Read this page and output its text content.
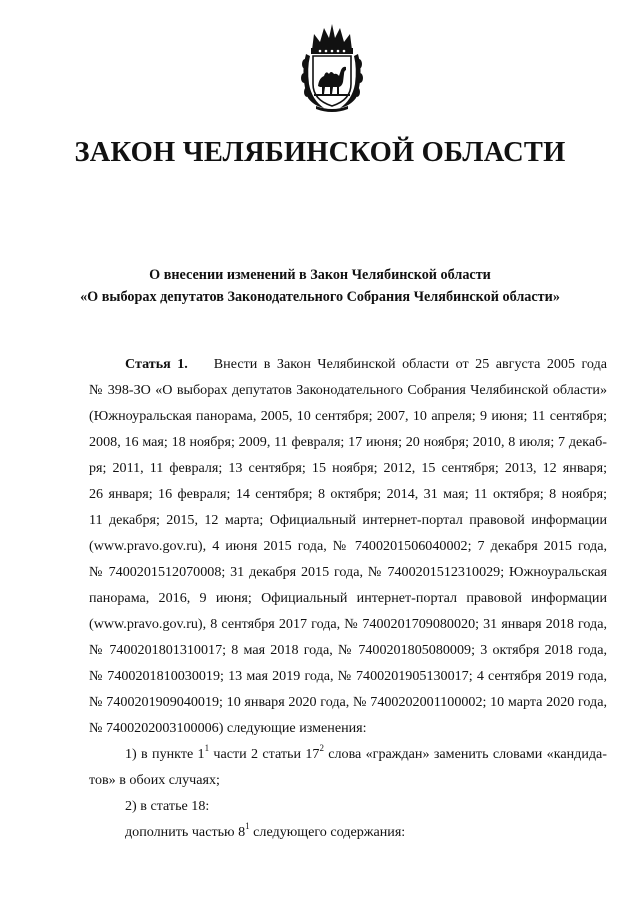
ЗАКОН ЧЕЛЯБИНСКОЙ ОБЛАСТИ
О внесении изменений в Закон Челябинской области
«О выборах депутатов Законодательного Собрания Челябинской области»
Статья 1. Внести в Закон Челябинской области от 25 августа 2005 года
№ 398-ЗО «О выборах депутатов Законодательного Собрания Челябинской области»
(Южноуральская панорама, 2005, 10 сентября; 2007, 10 апреля; 9 июня; 11 сентября;
2008, 16 мая; 18 ноября; 2009, 11 февраля; 17 июня; 20 ноября; 2010, 8 июля; 7 декаб-
ря; 2011, 11 февраля; 13 сентября; 15 ноября; 2012, 15 сентября; 2013, 12 января;
26 января; 16 февраля; 14 сентября; 8 октября; 2014, 31 мая; 11 октября; 8 ноября;
11 декабря; 2015, 12 марта; Официальный интернет-портал правовой информации
(www.pravo.gov.ru), 4 июня 2015 года, № 7400201506040002; 7 декабря 2015 года,
№ 7400201512070008; 31 декабря 2015 года, № 7400201512310029; Южноуральская
панорама, 2016, 9 июня; Официальный интернет-портал правовой информации
(www.pravo.gov.ru), 8 сентября 2017 года, № 7400201709080020; 31 января 2018 года,
№ 7400201801310017; 8 мая 2018 года, № 7400201805080009; 3 октября 2018 года,
№ 7400201810030019; 13 мая 2019 года, № 7400201905130017; 4 сентября 2019 года,
№ 7400201909040019; 10 января 2020 года, № 7400202001100002; 10 марта 2020 года,
№ 7400202003100006) следующие изменения:
1) в пункте $1^1$ части 2 статьи $17^2$ слова «граждан» заменить словами «кандида-
тов» в обоих случаях;
2) в статье 18:
дополнить частью $8^1$ следующего содержания:
